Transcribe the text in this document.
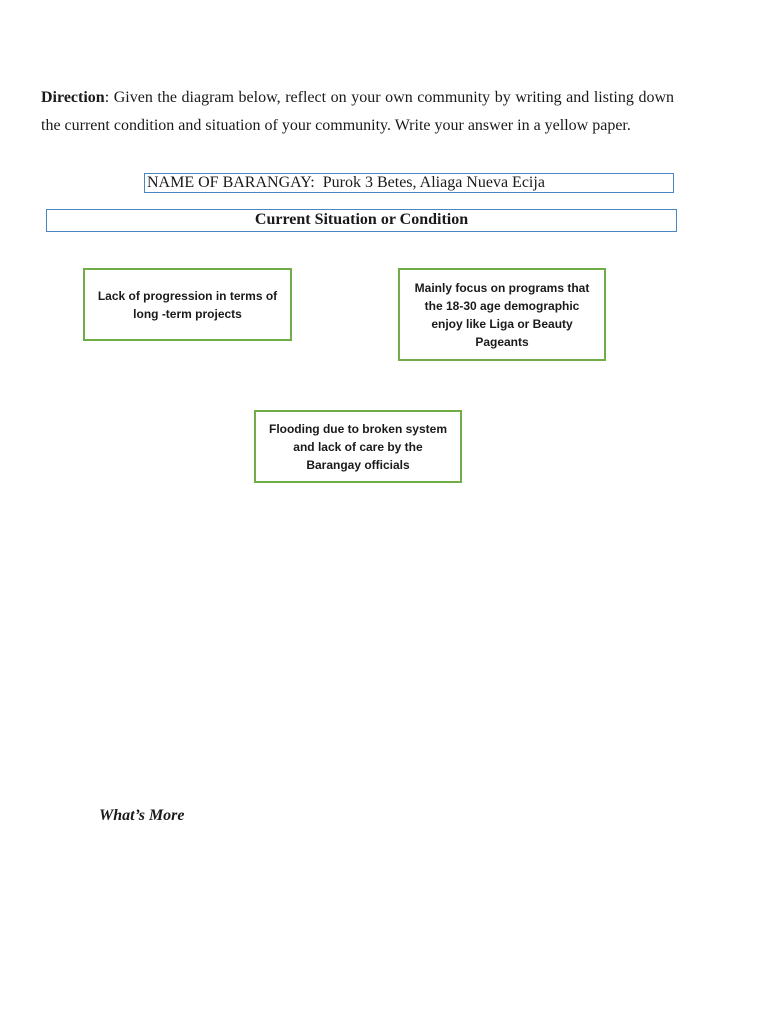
Direction: Given the diagram below, reflect on your own community by writing and listing down the current condition and situation of your community. Write your answer in a yellow paper.

NAME OF BARANGAY: Purok 3 Betes, Aliaga Nueva Ecija
Current Situation or Condition
Lack of progression in terms of long -term projects
Mainly focus on programs that the 18-30 age demographic enjoy like Liga or Beauty Pageants
Flooding due to broken system and lack of care by the Barangay officials
What’s More
